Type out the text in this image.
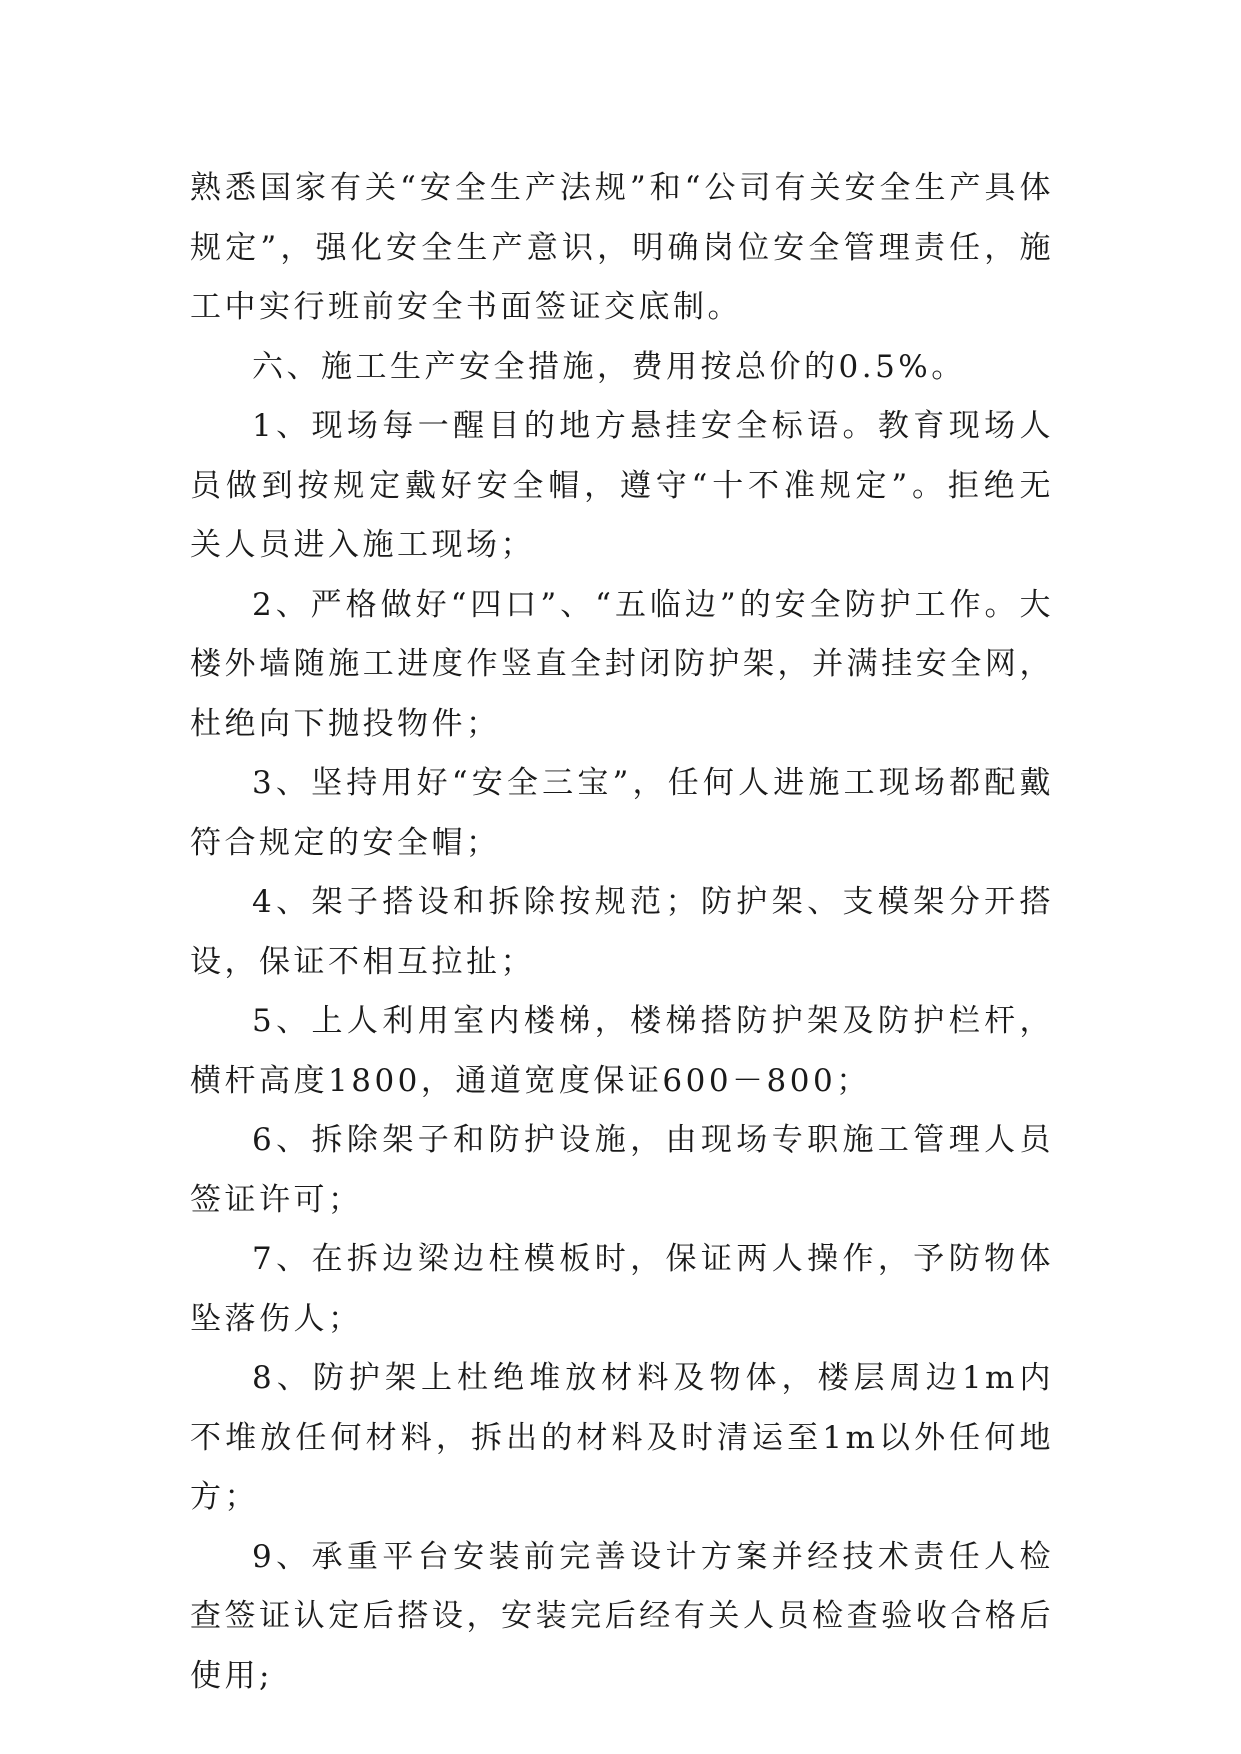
熟悉国家有关“安全生产法规”和“公司有关安全生产具体规定”，强化安全生产意识，明确岗位安全管理责任，施工中实行班前安全书面签证交底制。

六、施工生产安全措施，费用按总价的0.5%。

1、现场每一醒目的地方悬挂安全标语。教育现场人员做到按规定戴好安全帽，遵守“十不准规定”。拒绝无关人员进入施工现场；

2、严格做好“四口”、“五临边”的安全防护工作。大楼外墙随施工进度作竖直全封闭防护架，并满挂安全网，杜绝向下抛投物件；

3、坚持用好“安全三宝”，任何人进施工现场都配戴符合规定的安全帽；

4、架子搭设和拆除按规范；防护架、支模架分开搭设，保证不相互拉扯；

5、上人利用室内楼梯，楼梯搭防护架及防护栏杆，横杆高度1800，通道宽度保证600－800；

6、拆除架子和防护设施，由现场专职施工管理人员签证许可；

7、在拆边梁边柱模板时，保证两人操作，予防物体坠落伤人；

8、防护架上杜绝堆放材料及物体，楼层周边1m内不堆放任何材料，拆出的材料及时清运至1m以外任何地方；

9、承重平台安装前完善设计方案并经技术责任人检查签证认定后搭设，安装完后经有关人员检查验收合格后使用;
